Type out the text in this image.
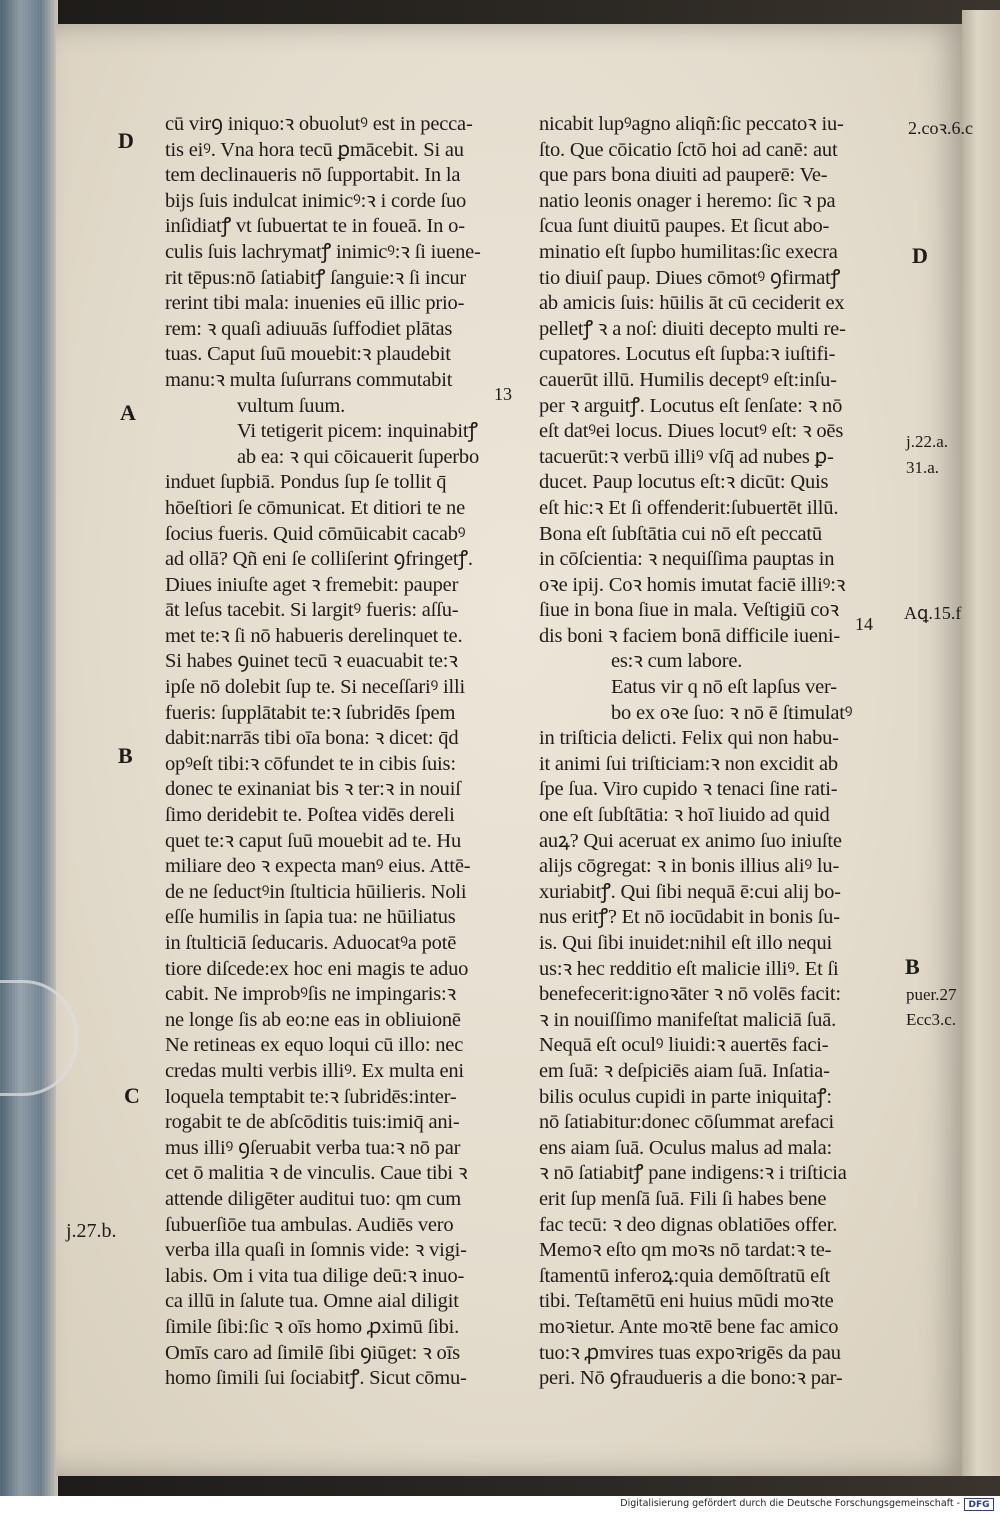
cū virꝯ iniquo:ꝛ obuolutꝰ est in pecca-
tis eiꝰ. Vna hora tecū ꝑmācebit. Si au
tem declinaueris nō ſupportabit. In la
bijs ſuis indulcat inimicꝰ:ꝛ i corde ſuo
inſidiatꝭ vt ſubuertat te in foueā. In o-
culis ſuis lachrymatꝭ inimicꝰ:ꝛ ſi iuene-
rit tēpus:nō ſatiabitꝭ ſanguie:ꝛ ſi incur
rerint tibi mala: inuenies eū illic prio-
rem: ꝛ quaſi adiuuās ſuffodiet plātas
tuas. Caput ſuū mouebit:ꝛ plaudebit
manu:ꝛ multa ſuſurrans commutabit
vultum ſuum.
Vi tetigerit picem: inquinabitꝭ
ab ea: ꝛ qui cōicauerit ſuperbo
induet ſupbiā. Pondus ſup ſe tollit q̄
hōeſtiori ſe cōmunicat. Et ditiori te ne
ſocius fueris. Quid cōmūicabit cacabꝰ
ad ollā? Qñ eni ſe colliſerint ꝯfringetꝭ.
Diues iniuſte aget ꝛ fremebit: pauper
āt leſus tacebit. Si largitꝰ fueris: aſſu-
met te:ꝛ ſi nō habueris derelinquet te.
Si habes ꝯuinet tecū ꝛ euacuabit te:ꝛ
ipſe nō dolebit ſup te. Si neceſſariꝰ illi
fueris: ſupplātabit te:ꝛ ſubridēs ſpem
dabit:narrās tibi oīa bona: ꝛ dicet: q̄d
opꝰeſt tibi:ꝛ cōfundet te in cibis ſuis:
donec te exinaniat bis ꝛ ter:ꝛ in nouiſ
ſimo deridebit te. Poſtea vidēs dereli
quet te:ꝛ caput ſuū mouebit ad te. Hu
miliare deo ꝛ expecta manꝰ eius. Attē-
de ne ſeductꝰin ſtulticia hūilieris. Noli
eſſe humilis in ſapia tua: ne hūiliatus
in ſtulticiā ſeducaris. Aduocatꝰa potē
tiore diſcede:ex hoc eni magis te aduo
cabit. Ne improbꝰſis ne impingaris:ꝛ
ne longe ſis ab eo:ne eas in obliuionē
Ne retineas ex equo loqui cū illo: nec
credas multi verbis illiꝰ. Ex multa eni
loquela temptabit te:ꝛ ſubridēs:inter-
rogabit te de abſcōditis tuis:imiq̄ ani-
mus illiꝰ ꝯſeruabit verba tua:ꝛ nō par
cet ō malitia ꝛ de vinculis. Caue tibi ꝛ
attende diligēter auditui tuo: qm cum
ſubuerſiōe tua ambulas. Audiēs vero
verba illa quaſi in ſomnis vide: ꝛ vigi-
labis. Om i vita tua dilige deū:ꝛ inuo-
ca illū in ſalute tua. Omne aial diligit
ſimile ſibi:ſic ꝛ oīs homo ꝓximū ſibi.
Omīs caro ad ſimilē ſibi ꝯiūget: ꝛ oīs
homo ſimili ſui ſociabitꝭ. Sicut cōmu-
13
nicabit lupꝰagno aliqñ:ſic peccatoꝛ iu-
ſto. Que cōicatio ſctō hoi ad canē: aut
que pars bona diuiti ad pauperē: Ve-
natio leonis onager i heremo: ſic ꝛ pa
ſcua ſunt diuitū paupes. Et ſicut abo-
minatio eſt ſupbo humilitas:ſic execra
tio diuiſ paup. Diues cōmotꝰ ꝯfirmatꝭ
ab amicis ſuis: hūilis āt cū ceciderit ex
pelletꝭ ꝛ a noſ: diuiti decepto multi re-
cupatores. Locutus eſt ſupba:ꝛ iuſtifi-
cauerūt illū. Humilis deceptꝰ eſt:inſu-
per ꝛ arguitꝭ. Locutus eſt ſenſate: ꝛ nō
eſt datꝰei locus. Diues locutꝰ eſt: ꝛ oēs
tacuerūt:ꝛ verbū illiꝰ vſq̄ ad nubes ꝑ-
ducet. Paup locutus eſt:ꝛ dicūt: Quis
eſt hic:ꝛ Et ſi offenderit:ſubuertēt illū.
Bona eſt ſubſtātia cui nō eſt peccatū
in cōſcientia: ꝛ nequiſſima pauptas in
oꝛe ipij. Coꝛ homis imutat faciē illiꝰ:ꝛ
ſiue in bona ſiue in mala. Veſtigiū coꝛ
dis boni ꝛ faciem bonā difficile iueni-
es:ꝛ cum labore.
Eatus vir q nō eſt lapſus ver-
bo ex oꝛe ſuo: ꝛ nō ē ſtimulatꝰ
in triſticia delicti. Felix qui non habu-
it animi ſui triſticiam:ꝛ non excidit ab
ſpe ſua. Viro cupido ꝛ tenaci ſine rati-
one eſt ſubſtātia: ꝛ hoī liuido ad quid
auꝝ? Qui aceruat ex animo ſuo iniuſte
alijs cōgregat: ꝛ in bonis illius aliꝰ lu-
xuriabitꝭ. Qui ſibi nequā ē:cui alij bo-
nus eritꝭ? Et nō iocūdabit in bonis ſu-
is. Qui ſibi inuidet:nihil eſt illo nequi
us:ꝛ hec redditio eſt malicie illiꝰ. Et ſi
benefecerit:ignoꝛāter ꝛ nō volēs facit:
ꝛ in nouiſſimo manifeſtat maliciā ſuā.
Nequā eſt oculꝰ liuidi:ꝛ auertēs faci-
em ſuā: ꝛ deſpiciēs aiam ſuā. Inſatia-
bilis oculus cupidi in parte iniquitaꝭ:
nō ſatiabitur:donec cōſummat arefaci
ens aiam ſuā. Oculus malus ad mala:
ꝛ nō ſatiabitꝭ pane indigens:ꝛ i triſticia
erit ſup menſā ſuā. Fili ſi habes bene
fac tecū: ꝛ deo dignas oblatiōes offer.
Memoꝛ eſto qm moꝛs nō tardat:ꝛ te-
ſtamentū inferoꝝ:quia demōſtratū eſt
tibi. Teſtamētū eni huius mūdi moꝛte
moꝛietur. Ante moꝛtē bene fac amico
tuo:ꝛ ꝓmvires tuas expoꝛrigēs da pau
peri. Nō ꝯfraudueris a die bono:ꝛ par-
14
D
A
B
C
j.27.b.
2.coꝛ.6.c
D
j.22.a.
31.a.
Aꝗ.15.f
B
puer.27
Ecc3.c.
Digitalisierung gefördert durch die Deutsche Forschungsgemeinschaft - DFG
